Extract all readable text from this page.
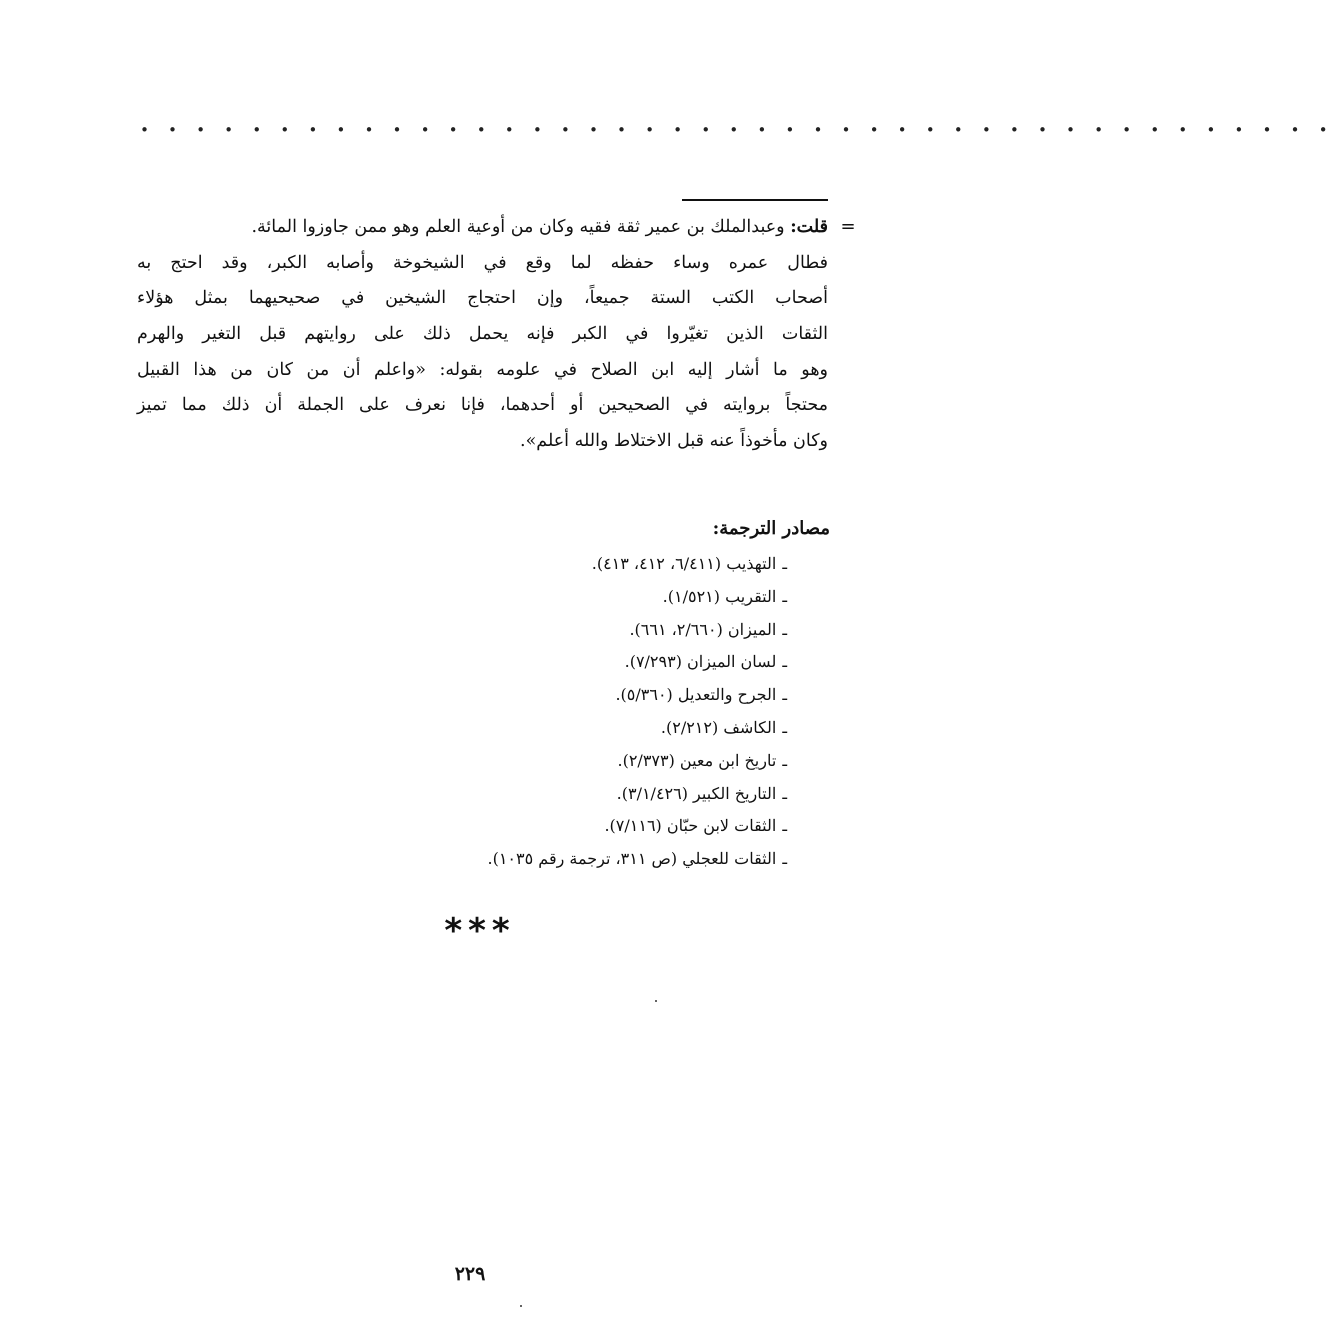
• • • • • • • • • • • • • • • • • • • • • • • • • • • • • • • • • • • • • • • • • • •
=
قلت: وعبدالملك بن عمير ثقة فقيه وكان من أوعية العلم وهو ممن جاوزوا المائة.
فطال عمره وساء حفظه لما وقع في الشيخوخة وأصابه الكبر، وقد احتج به
أصحاب الكتب الستة جميعاً، وإن احتجاج الشيخين في صحيحيهما بمثل هؤلاء
الثقات الذين تغيّروا في الكبر فإنه يحمل ذلك على روايتهم قبل التغير والهرم
وهو ما أشار إليه ابن الصلاح في علومه بقوله: «واعلم أن من كان من هذا القبيل
محتجاً بروايته في الصحيحين أو أحدهما، فإنا نعرف على الجملة أن ذلك مما تميز
وكان مأخوذاً عنه قبل الاختلاط والله أعلم».
مصادر الترجمة:
ـالتهذيب (٦/٤١١، ٤١٢، ٤١٣).
ـالتقريب (١/٥٢١).
ـالميزان (٢/٦٦٠، ٦٦١).
ـلسان الميزان (٧/٢٩٣).
ـالجرح والتعديل (٥/٣٦٠).
ـالكاشف (٢/٢١٢).
ـتاريخ ابن معين (٢/٣٧٣).
ـالتاريخ الكبير (٣/١/٤٢٦).
ـالثقات لابن حبّان (٧/١١٦).
ـالثقات للعجلي (ص ٣١١، ترجمة رقم ١٠٣٥).
***
٢٢٩
